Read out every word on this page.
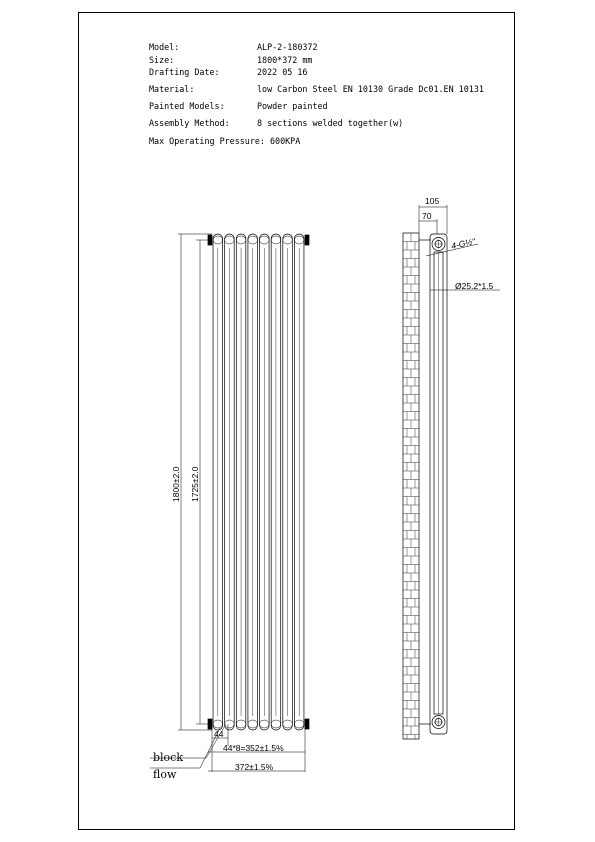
Model:	ALP-2-180372
Size:	1800*372 mm
Drafting Date:	2022 05 16
Material:	low Carbon Steel EN 10130 Grade Dc01.EN 10131
Painted Models:	Powder painted
Assembly Method:	8 sections welded together(w)
Max Operating Pressure: 600KPA
1800±2.0 1725±2.0
44
44*8=352±1.5%
372±1.5%
block
flow
105
70
4-G½"
Ø25.2*1.5
